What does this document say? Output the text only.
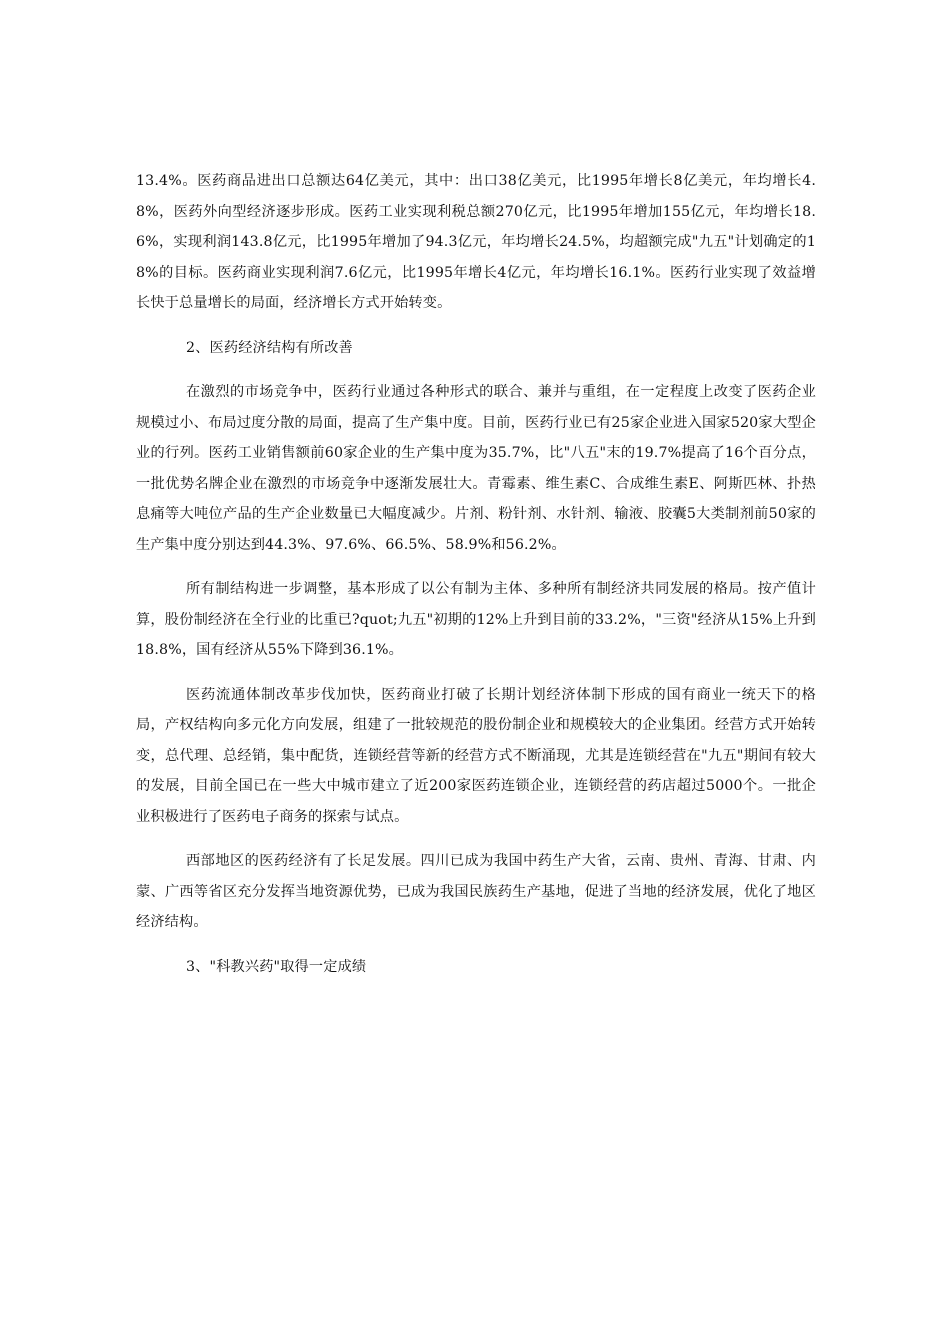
13.4%。医药商品进出口总额达64亿美元，其中：出口38亿美元，比1995年增长8亿美元，年均增长4.8%，医药外向型经济逐步形成。医药工业实现利税总额270亿元，比1995年增加155亿元，年均增长18.6%，实现利润143.8亿元，比1995年增加了94.3亿元，年均增长24.5%，均超额完成"九五"计划确定的18%的目标。医药商业实现利润7.6亿元，比1995年增长4亿元，年均增长16.1%。医药行业实现了效益增长快于总量增长的局面，经济增长方式开始转变。

2、医药经济结构有所改善

在激烈的市场竞争中，医药行业通过各种形式的联合、兼并与重组，在一定程度上改变了医药企业规模过小、布局过度分散的局面，提高了生产集中度。目前，医药行业已有25家企业进入国家520家大型企业的行列。医药工业销售额前60家企业的生产集中度为35.7%，比"八五"末的19.7%提高了16个百分点，一批优势名牌企业在激烈的市场竞争中逐渐发展壮大。青霉素、维生素C、合成维生素E、阿斯匹林、扑热息痛等大吨位产品的生产企业数量已大幅度减少。片剂、粉针剂、水针剂、输液、胶囊5大类制剂前50家的生产集中度分别达到44.3%、97.6%、66.5%、58.9%和56.2%。

所有制结构进一步调整，基本形成了以公有制为主体、多种所有制经济共同发展的格局。按产值计算，股份制经济在全行业的比重已?quot;九五"初期的12%上升到目前的33.2%，"三资"经济从15%上升到18.8%，国有经济从55%下降到36.1%。

医药流通体制改革步伐加快，医药商业打破了长期计划经济体制下形成的国有商业一统天下的格局，产权结构向多元化方向发展，组建了一批较规范的股份制企业和规模较大的企业集团。经营方式开始转变，总代理、总经销，集中配货，连锁经营等新的经营方式不断涌现，尤其是连锁经营在"九五"期间有较大的发展，目前全国已在一些大中城市建立了近200家医药连锁企业，连锁经营的药店超过5000个。一批企业积极进行了医药电子商务的探索与试点。

西部地区的医药经济有了长足发展。四川已成为我国中药生产大省，云南、贵州、青海、甘肃、内蒙、广西等省区充分发挥当地资源优势，已成为我国民族药生产基地，促进了当地的经济发展，优化了地区经济结构。

3、"科教兴药"取得一定成绩
